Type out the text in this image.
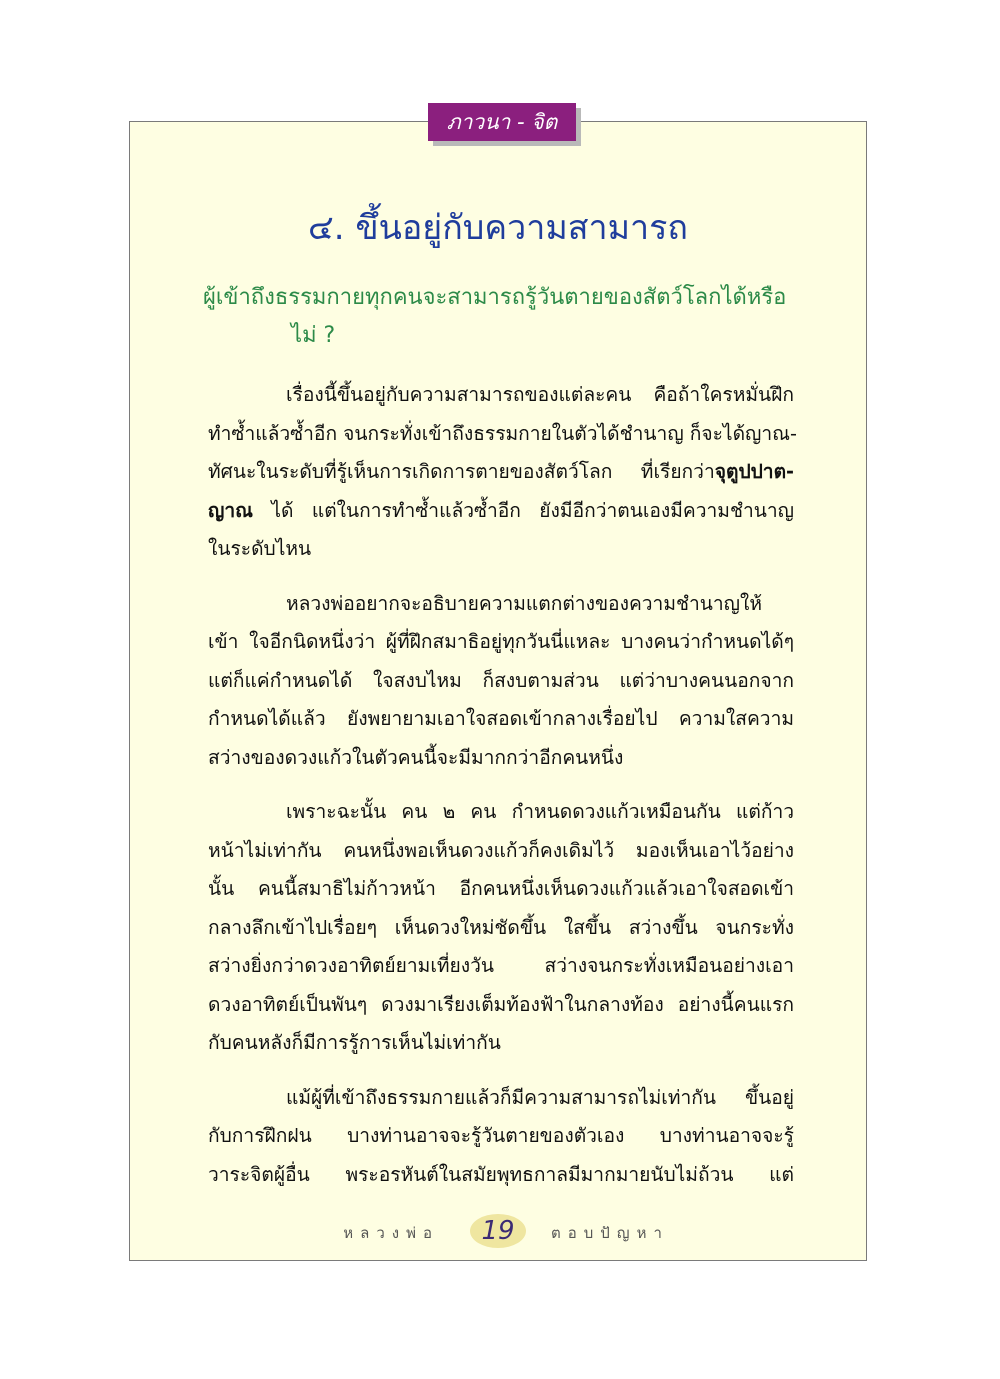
ภาวนา - จิต
๔. ขึ้นอยู่กับความสามารถ
ผู้เข้าถึงธรรมกายทุกคนจะสามารถรู้วันตายของสัตว์โลกได้หรือ
ไม่ ?

เรื่องนี้ขึ้นอยู่กับความสามารถของแต่ละคน คือถ้าใครหมั่นฝึก
ทำซ้ำแล้วซ้ำอีก จนกระทั่งเข้าถึงธรรมกายในตัวได้ชำนาญ ก็จะได้ญาณ-
ทัศนะในระดับที่รู้เห็นการเกิดการตายของสัตว์โลก ที่เรียกว่าจุตูปปาต-
ญาณ ได้ แต่ในการทำซ้ำแล้วซ้ำอีก ยังมีอีกว่าตนเองมีความชำนาญ
ในระดับไหน

หลวงพ่ออยากจะอธิบายความแตกต่างของความชำนาญให้
เข้า ใจอีกนิดหนึ่งว่า ผู้ที่ฝึกสมาธิอยู่ทุกวันนี่แหละ บางคนว่ากำหนดได้ๆ
แต่ก็แค่กำหนดได้ ใจสงบไหม ก็สงบตามส่วน แต่ว่าบางคนนอกจาก
กำหนดได้แล้ว ยังพยายามเอาใจสอดเข้ากลางเรื่อยไป ความใสความ
สว่างของดวงแก้วในตัวคนนี้จะมีมากกว่าอีกคนหนึ่ง

เพราะฉะนั้น คน ๒ คน กำหนดดวงแก้วเหมือนกัน แต่ก้าว
หน้าไม่เท่ากัน คนหนึ่งพอเห็นดวงแก้วก็คงเดิมไว้ มองเห็นเอาไว้อย่าง
นั้น คนนี้สมาธิไม่ก้าวหน้า อีกคนหนึ่งเห็นดวงแก้วแล้วเอาใจสอดเข้า
กลางลึกเข้าไปเรื่อยๆ เห็นดวงใหม่ชัดขึ้น ใสขึ้น สว่างขึ้น จนกระทั่ง
สว่างยิ่งกว่าดวงอาทิตย์ยามเที่ยงวัน สว่างจนกระทั่งเหมือนอย่างเอา
ดวงอาทิตย์เป็นพันๆ ดวงมาเรียงเต็มท้องฟ้าในกลางท้อง อย่างนี้คนแรก
กับคนหลังก็มีการรู้การเห็นไม่เท่ากัน

แม้ผู้ที่เข้าถึงธรรมกายแล้วก็มีความสามารถไม่เท่ากัน ขึ้นอยู่
กับการฝึกฝน บางท่านอาจจะรู้วันตายของตัวเอง บางท่านอาจจะรู้
วาระจิตผู้อื่น พระอรหันต์ในสมัยพุทธกาลมีมากมายนับไม่ถ้วน แต่

หลวงพ่อ	19	ตอบปัญหา
